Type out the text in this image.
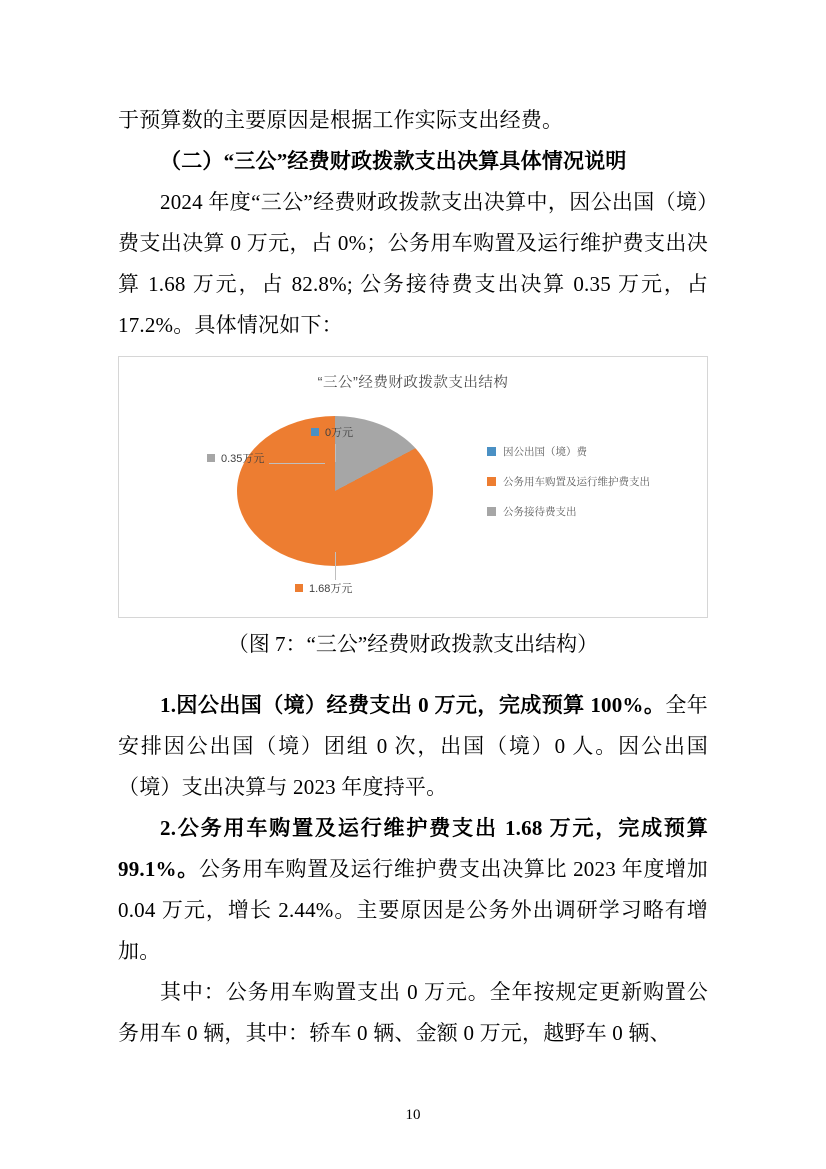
于预算数的主要原因是根据工作实际支出经费。

（二）“三公”经费财政拨款支出决算具体情况说明

2024 年度“三公”经费财政拨款支出决算中，因公出国（境）费支出决算 0 万元，占 0%；公务用车购置及运行维护费支出决算 1.68 万元，占 82.8%; 公务接待费支出决算 0.35 万元，占 17.2%。具体情况如下：

“三公”经费财政拨款支出结构
0万元
0.35万元
1.68万元
因公出国（境）费
公务用车购置及运行维护费支出
公务接待费支出

（图 7：“三公”经费财政拨款支出结构）

1.因公出国（境）经费支出 0 万元，完成预算 100%。全年安排因公出国（境）团组 0 次，出国（境）0 人。因公出国（境）支出决算与 2023 年度持平。

2.公务用车购置及运行维护费支出 1.68 万元，完成预算 99.1%。公务用车购置及运行维护费支出决算比 2023 年度增加 0.04 万元，增长 2.44%。主要原因是公务外出调研学习略有增加。

其中：公务用车购置支出 0 万元。全年按规定更新购置公务用车 0 辆，其中：轿车 0 辆、金额 0 万元，越野车 0 辆、

10
